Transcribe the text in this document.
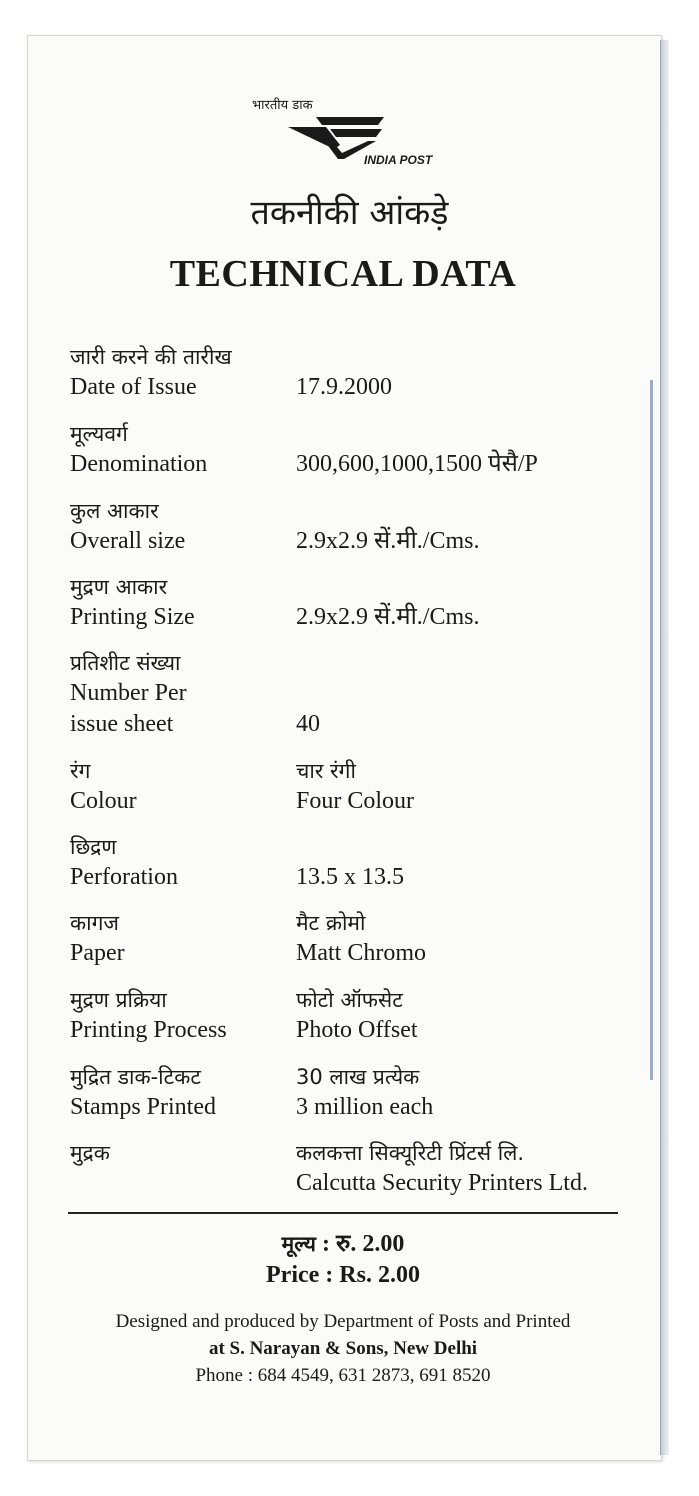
भारतीय डाक
INDIA POST
तकनीकी आंकड़े
TECHNICAL DATA
जारी करने की तारीख
Date of Issue	17.9.2000
मूल्यवर्ग
Denomination	300,600,1000,1500 पेसै/P
कुल आकार
Overall size	2.9x2.9 सें.मी./Cms.
मुद्रण आकार
Printing Size	2.9x2.9 सें.मी./Cms.
प्रतिशीट संख्या
Number Per
issue sheet	40
रंग	चार रंगी
Colour	Four Colour
छिद्रण
Perforation	13.5 x 13.5
कागज	मैट क्रोमो
Paper	Matt Chromo
मुद्रण प्रक्रिया	फोटो ऑफसेट
Printing Process	Photo Offset
मुद्रित डाक-टिकट	30 लाख प्रत्येक
Stamps Printed	3 million each
मुद्रक	कलकत्ता सिक्यूरिटी प्रिंटर्स लि.
Calcutta Security Printers Ltd.
मूल्य : रु. 2.00
Price : Rs. 2.00
Designed and produced by Department of Posts and Printed
at S. Narayan & Sons, New Delhi
Phone : 684 4549, 631 2873, 691 8520
